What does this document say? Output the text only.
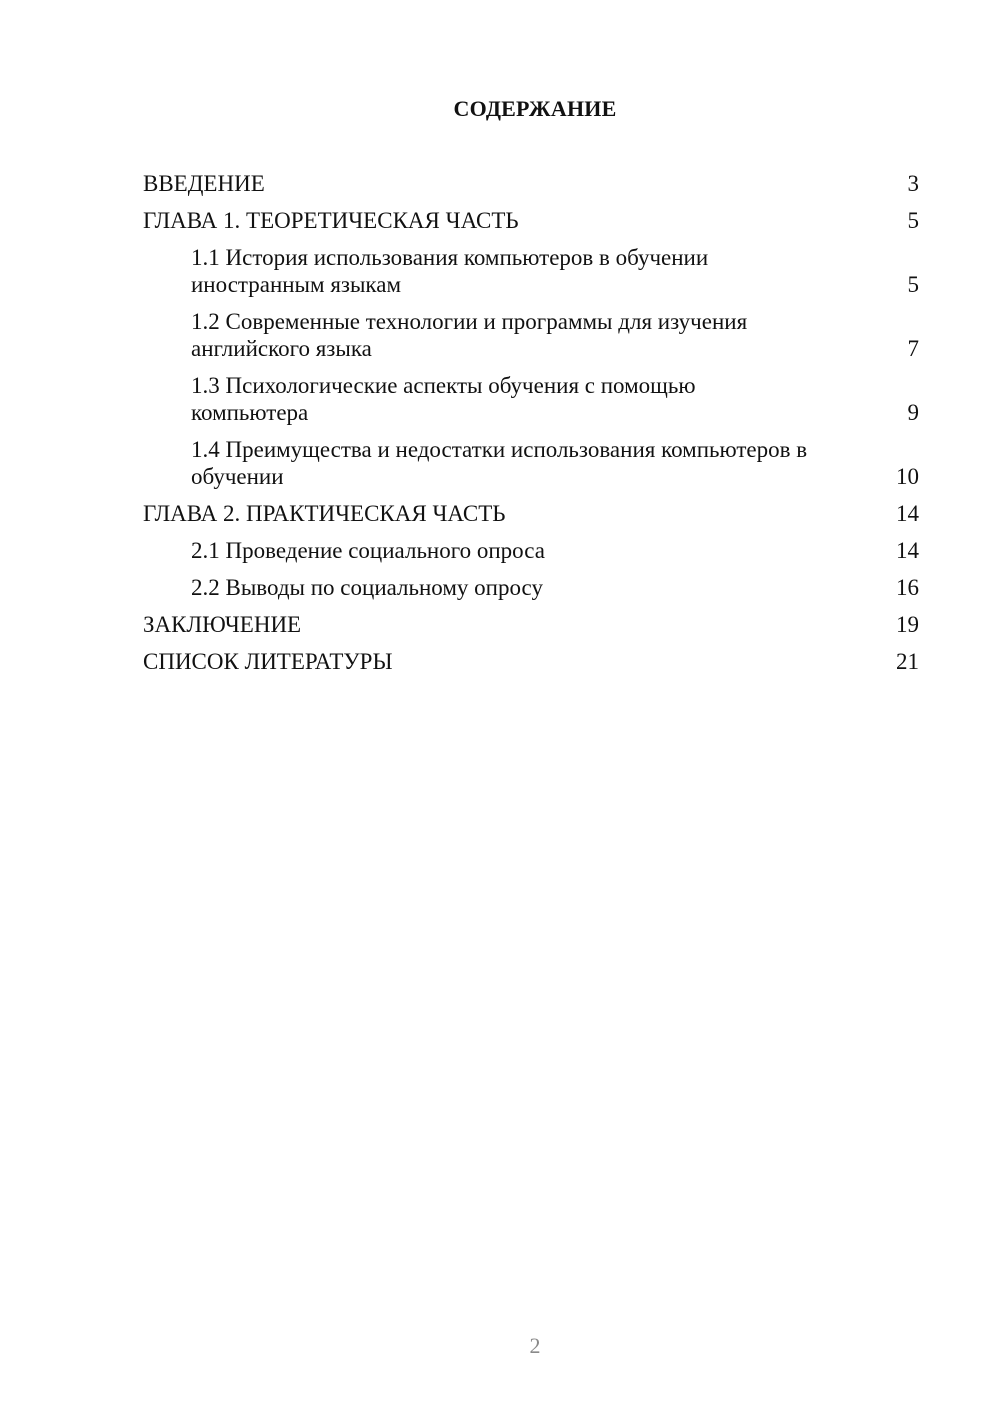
СОДЕРЖАНИЕ
ВВЕДЕНИЕ	3
ГЛАВА 1. ТЕОРЕТИЧЕСКАЯ ЧАСТЬ	5
1.1 История использования компьютеров в обучении иностранным языкам	5
1.2 Современные технологии и программы для изучения английского языка	7
1.3 Психологические аспекты обучения с помощью компьютера	9
1.4 Преимущества и недостатки использования компьютеров в обучении	10
ГЛАВА 2. ПРАКТИЧЕСКАЯ ЧАСТЬ	14
2.1 Проведение социального опроса	14
2.2 Выводы по социальному опросу	16
ЗАКЛЮЧЕНИЕ	19
СПИСОК ЛИТЕРАТУРЫ	21
2
